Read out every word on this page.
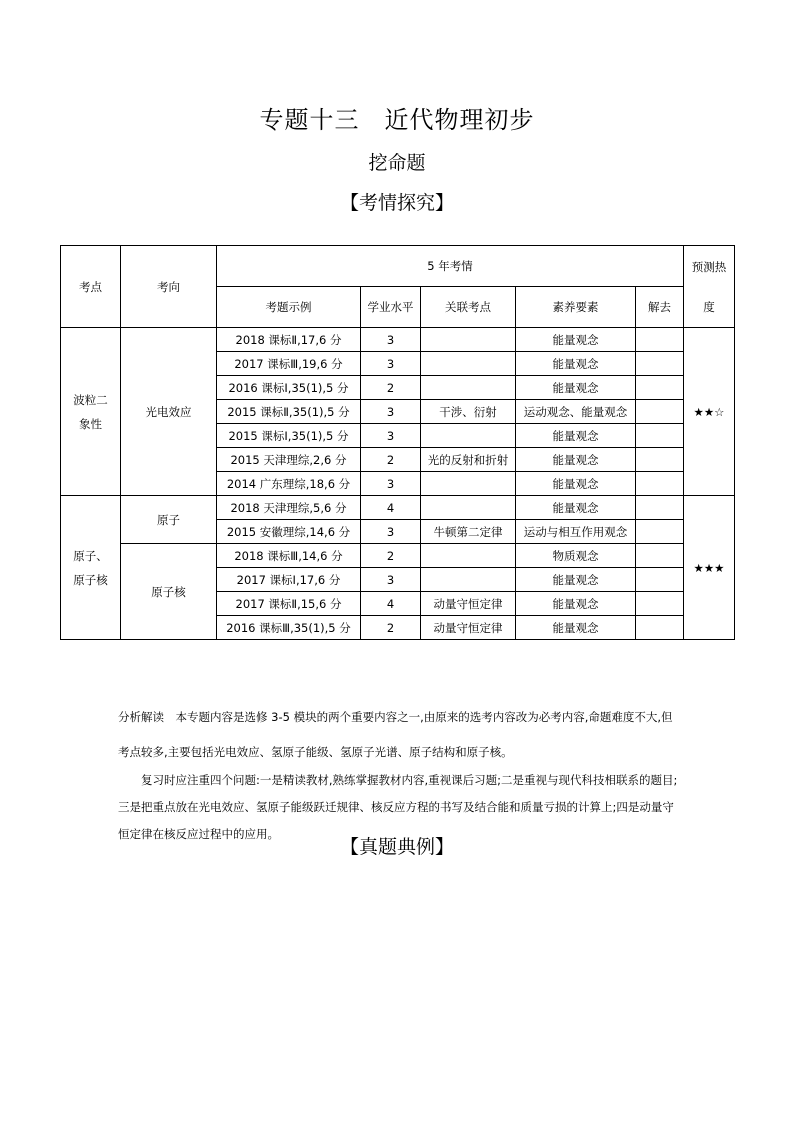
专题十三　近代物理初步
挖命题
【考情探究】
考点	考向	5 年考情					预测热
度
		考题示例	学业水平	关联考点	素养要素	解去	
波粒二象性	光电效应	2018 课标Ⅱ,17,6 分	3		能量观念		★★☆
		2017 课标Ⅲ,19,6 分	3		能量观念		
		2016 课标Ⅰ,35(1),5 分	2		能量观念		
		2015 课标Ⅱ,35(1),5 分	3	干涉、衍射	运动观念、能量观念		
		2015 课标Ⅰ,35(1),5 分	3		能量观念		
		2015 天津理综,2,6 分	2	光的反射和折射	能量观念		
		2014 广东理综,18,6 分	3		能量观念		
原子、原子核	原子	2018 天津理综,5,6 分	4		能量观念		★★★
		2015 安徽理综,14,6 分	3	牛顿第二定律	运动与相互作用观念		
	原子核	2018 课标Ⅲ,14,6 分	2		物质观念		
		2017 课标Ⅰ,17,6 分	3		能量观念		
		2017 课标Ⅱ,15,6 分	4	动量守恒定律	能量观念		
		2016 课标Ⅲ,35(1),5 分	2	动量守恒定律	能量观念		

分析解读　本专题内容是选修 3-5 模块的两个重要内容之一,由原来的选考内容改为必考内容,命题难度不大,但考点较多,主要包括光电效应、氢原子能级、氢原子光谱、原子结构和原子核。

复习时应注重四个问题:一是精读教材,熟练掌握教材内容,重视课后习题;二是重视与现代科技相联系的题目;三是把重点放在光电效应、氢原子能级跃迁规律、核反应方程的书写及结合能和质量亏损的计算上;四是动量守恒定律在核反应过程中的应用。

【真题典例】
